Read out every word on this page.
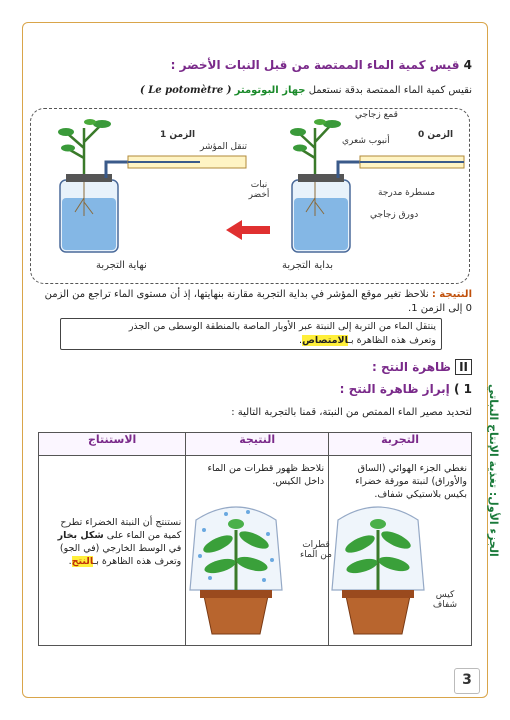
4 قيس كمية الماء الممتصة من قبل النبات الأخضر :
نقيس كمية الماء الممتصة بدقة نستعمل جهاز البوتومتر ( Le potomètre )
الزمن 0
الزمن 1
قمع زجاجي
أنبوب شعري
مسطرة مدرجة
دورق زجاجي
نبات أخضر
تنقل المؤشر
بداية التجربة
نهاية التجربة
النتيجة : نلاحظ تغير موقع المؤشر في بداية التجربة مقارنة بنهايتها، إذ أن مستوى الماء تراجع من الزمن 0 إلى الزمن 1.
ينتقل الماء من التربة إلى النبتة عبر الأوبار الماصة بالمنطقة الوسطى من الجذر
وتعرف هذه الظاهرة بـالامتصاص.
II ظاهرة النتح :
1 ) إبراز ظاهرة النتح :
لتحديد مصير الماء الممتص من النبتة، قمنا بالتجربة التالية :
التجربة	النتيجة	الاستنتاج

نغطي الجزء الهوائي (الساق والأوراق) لنبتة مورقة خضراء بكيس بلاستيكي شفاف.	نلاحظ ظهور قطرات من الماء داخل الكيس.	نستنتج أن النبتة الخضراء تطرح كمية من الماء على شكل بخار في الوسط الخارجي (في الجو) وتعرف هذه الظاهرة بـالنتح.
كيس شفاف
قطرات من الماء	الجزء الأول: تغذية الإنتاج النباتي
3
